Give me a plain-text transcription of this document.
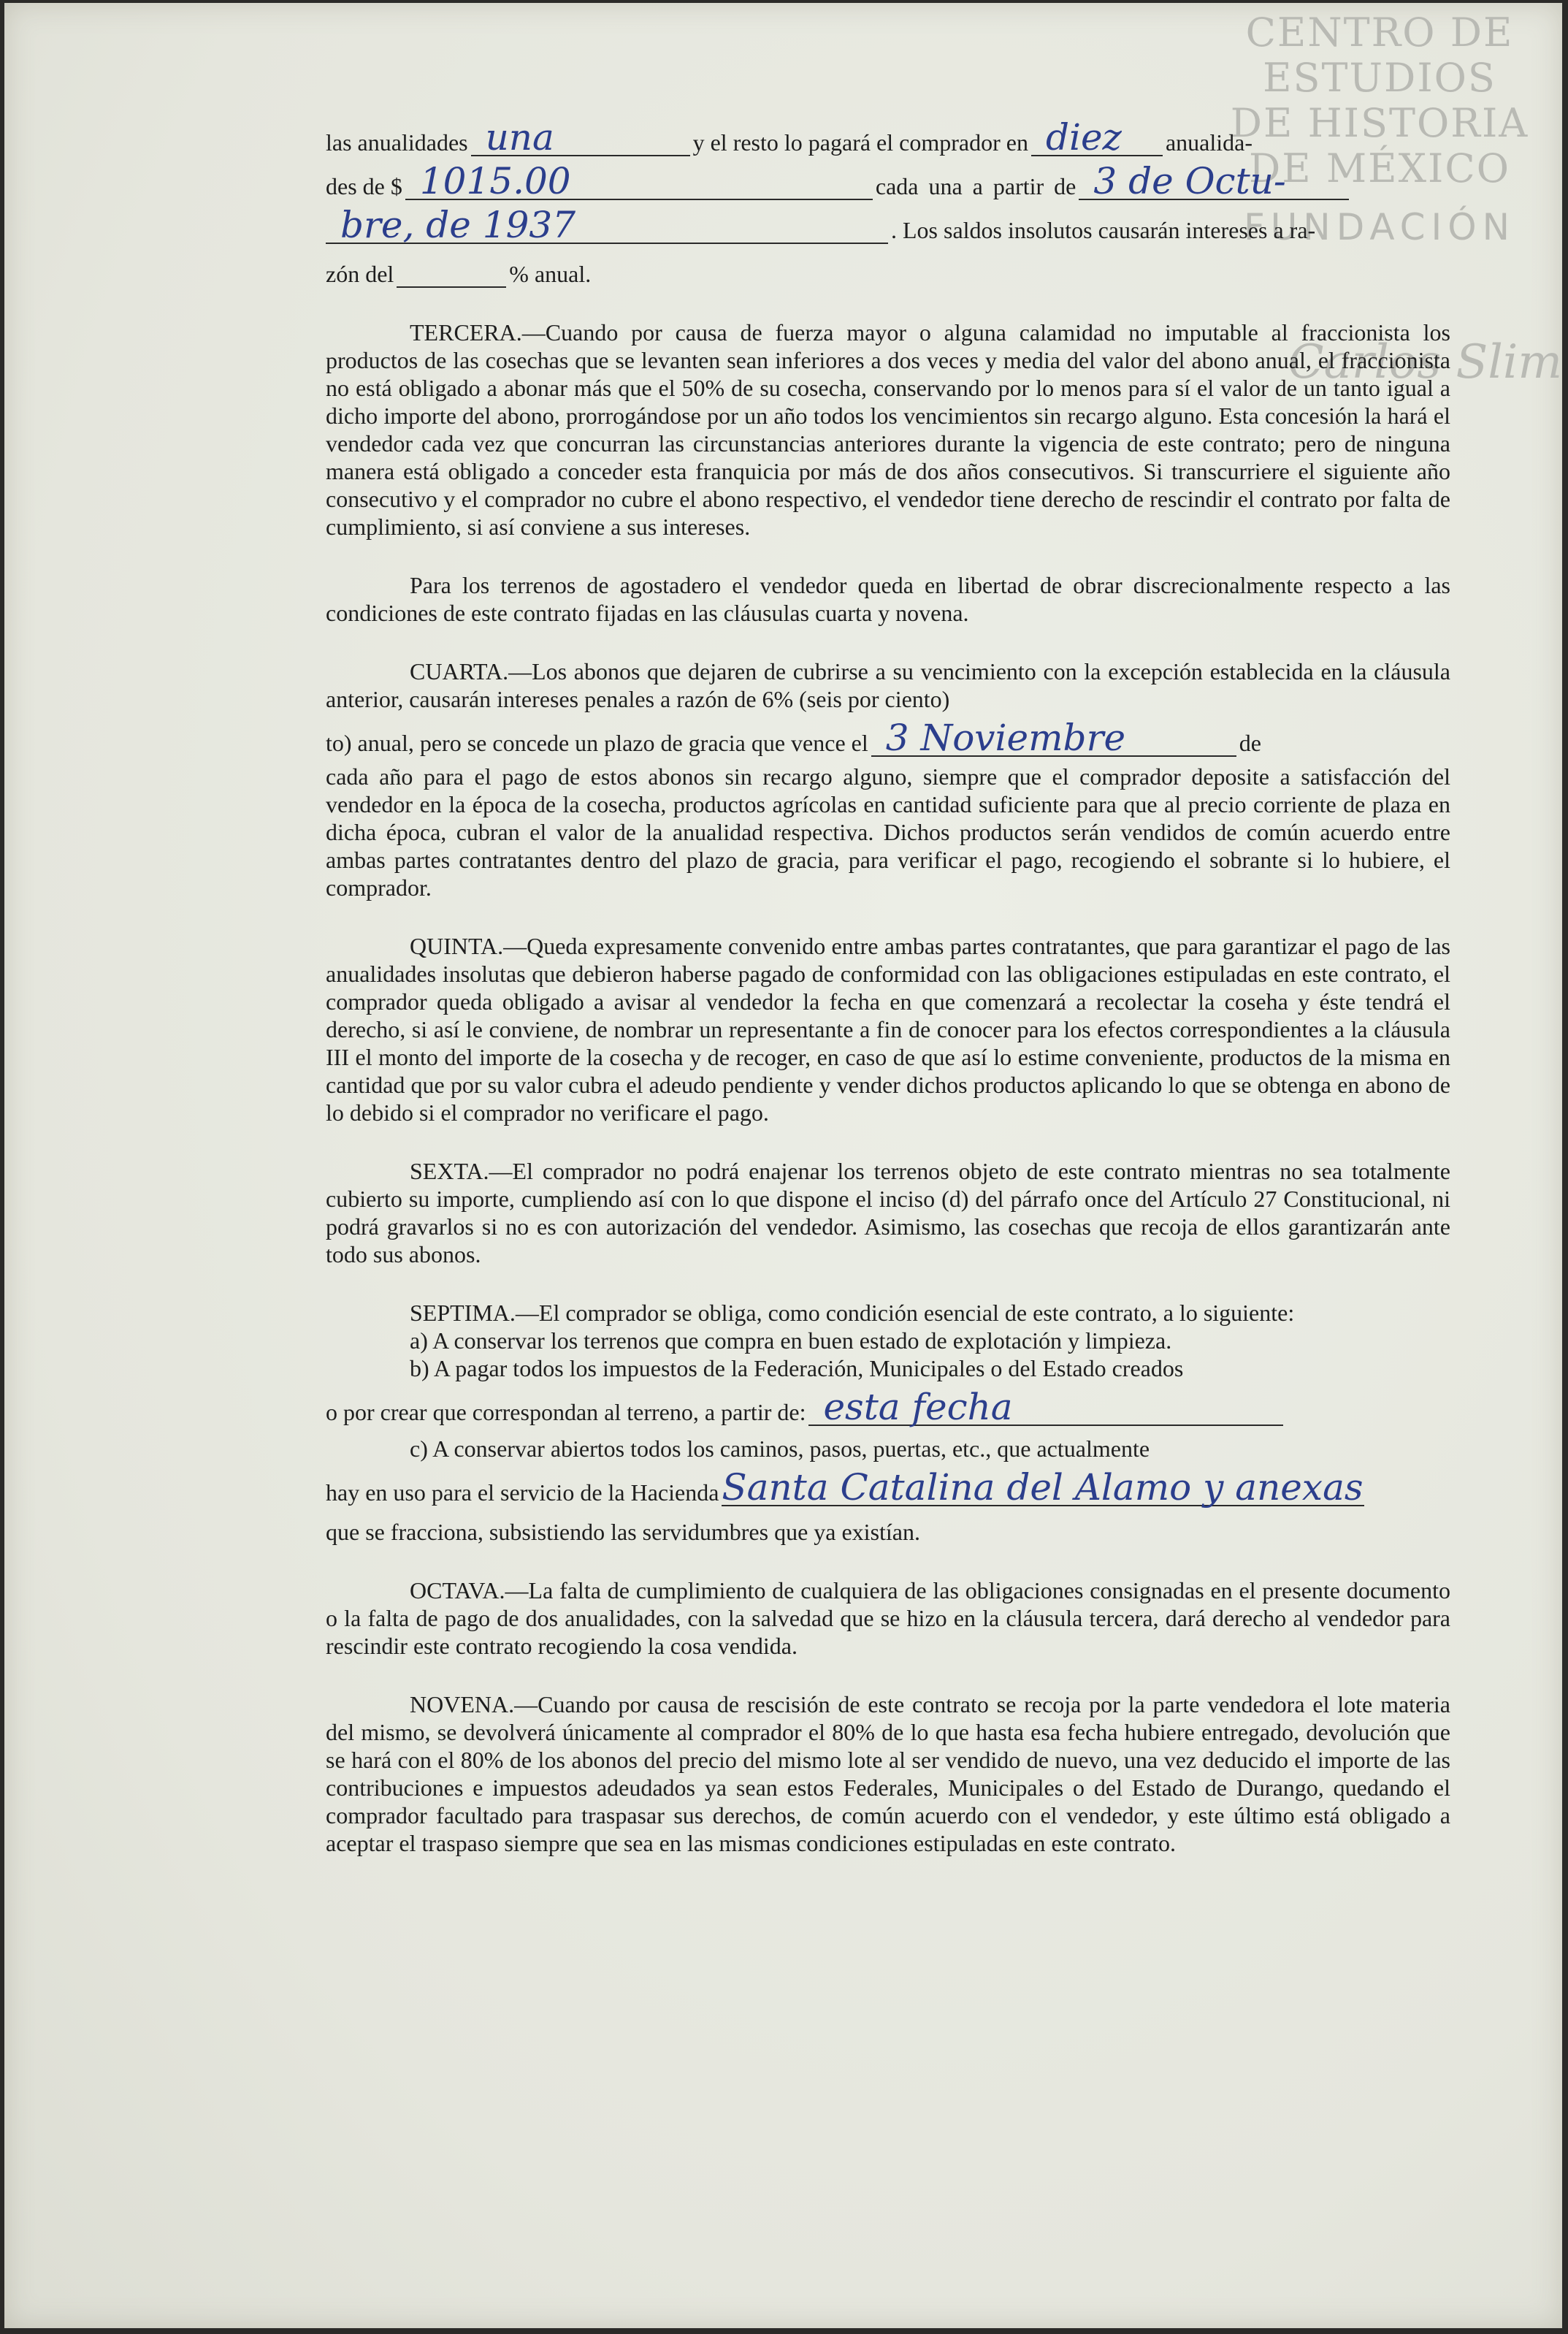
CENTRO DE
ESTUDIOS
DE HISTORIA
DE MÉXICO
FUNDACIÓN
Carlos Slim
las anualidades una	y el resto lo pagará el comprador en diez anualida-
des de $ 1015.00	cada una a partir de 3 de Octu-
bre, de 1937	. Los saldos insolutos causarán intereses a ra-
zón del	% anual.

TERCERA.—Cuando por causa de fuerza mayor o alguna calamidad no imputable al fraccionista los productos de las cosechas que se levanten sean inferiores a dos veces y media del valor del abono anual, el fraccionista no está obligado a abonar más que el 50% de su cosecha, conservando por lo menos para sí el valor de un tanto igual a dicho importe del abono, prorrogándose por un año todos los vencimientos sin recargo alguno. Esta concesión la hará el vendedor cada vez que concurran las circunstancias anteriores durante la vigencia de este contrato; pero de ninguna manera está obligado a conceder esta franquicia por más de dos años consecutivos. Si transcurriere el siguiente año consecutivo y el comprador no cubre el abono respectivo, el vendedor tiene derecho de rescindir el contrato por falta de cumplimiento, si así conviene a sus intereses.

Para los terrenos de agostadero el vendedor queda en libertad de obrar discrecionalmente respecto a las condiciones de este contrato fijadas en las cláusulas cuarta y novena.

CUARTA.—Los abonos que dejaren de cubrirse a su vencimiento con la excepción establecida en la cláusula anterior, causarán intereses penales a razón de 6% (seis por ciento)

to) anual, pero se concede un plazo de gracia que vence el 3 Noviembre	de

cada año para el pago de estos abonos sin recargo alguno, siempre que el comprador deposite a satisfacción del vendedor en la época de la cosecha, productos agrícolas en cantidad suficiente para que al precio corriente de plaza en dicha época, cubran el valor de la anualidad respectiva. Dichos productos serán vendidos de común acuerdo entre ambas partes contratantes dentro del plazo de gracia, para verificar el pago, recogiendo el sobrante si lo hubiere, el comprador.

QUINTA.—Queda expresamente convenido entre ambas partes contratantes, que para garantizar el pago de las anualidades insolutas que debieron haberse pagado de conformidad con las obligaciones estipuladas en este contrato, el comprador queda obligado a avisar al vendedor la fecha en que comenzará a recolectar la coseha y éste tendrá el derecho, si así le conviene, de nombrar un representante a fin de conocer para los efectos correspondientes a la cláusula III el monto del importe de la cosecha y de recoger, en caso de que así lo estime conveniente, productos de la misma en cantidad que por su valor cubra el adeudo pendiente y vender dichos productos aplicando lo que se obtenga en abono de lo debido si el comprador no verificare el pago.

SEXTA.—El comprador no podrá enajenar los terrenos objeto de este contrato mientras no sea totalmente cubierto su importe, cumpliendo así con lo que dispone el inciso (d) del párrafo once del Artículo 27 Constitucional, ni podrá gravarlos si no es con autorización del vendedor. Asimismo, las cosechas que recoja de ellos garantizarán ante todo sus abonos.

SEPTIMA.—El comprador se obliga, como condición esencial de este contrato, a lo siguiente:

a) A conservar los terrenos que compra en buen estado de explotación y limpieza.

b) A pagar todos los impuestos de la Federación, Municipales o del Estado creados

o por crear que correspondan al terreno, a partir de: esta fecha
c) A conservar abiertos todos los caminos, pasos, puertas, etc., que actualmente
hay en uso para el servicio de la Hacienda Santa Catalina del Alamo y anexas
que se fracciona, subsistiendo las servidumbres que ya existían.

OCTAVA.—La falta de cumplimiento de cualquiera de las obligaciones consignadas en el presente documento o la falta de pago de dos anualidades, con la salvedad que se hizo en la cláusula tercera, dará derecho al vendedor para rescindir este contrato recogiendo la cosa vendida.

NOVENA.—Cuando por causa de rescisión de este contrato se recoja por la parte vendedora el lote materia del mismo, se devolverá únicamente al comprador el 80% de lo que hasta esa fecha hubiere entregado, devolución que se hará con el 80% de los abonos del precio del mismo lote al ser vendido de nuevo, una vez deducido el importe de las contribuciones e impuestos adeudados ya sean estos Federales, Municipales o del Estado de Durango, quedando el comprador facultado para traspasar sus derechos, de común acuerdo con el vendedor, y este último está obligado a aceptar el traspaso siempre que sea en las mismas condiciones estipuladas en este contrato.
